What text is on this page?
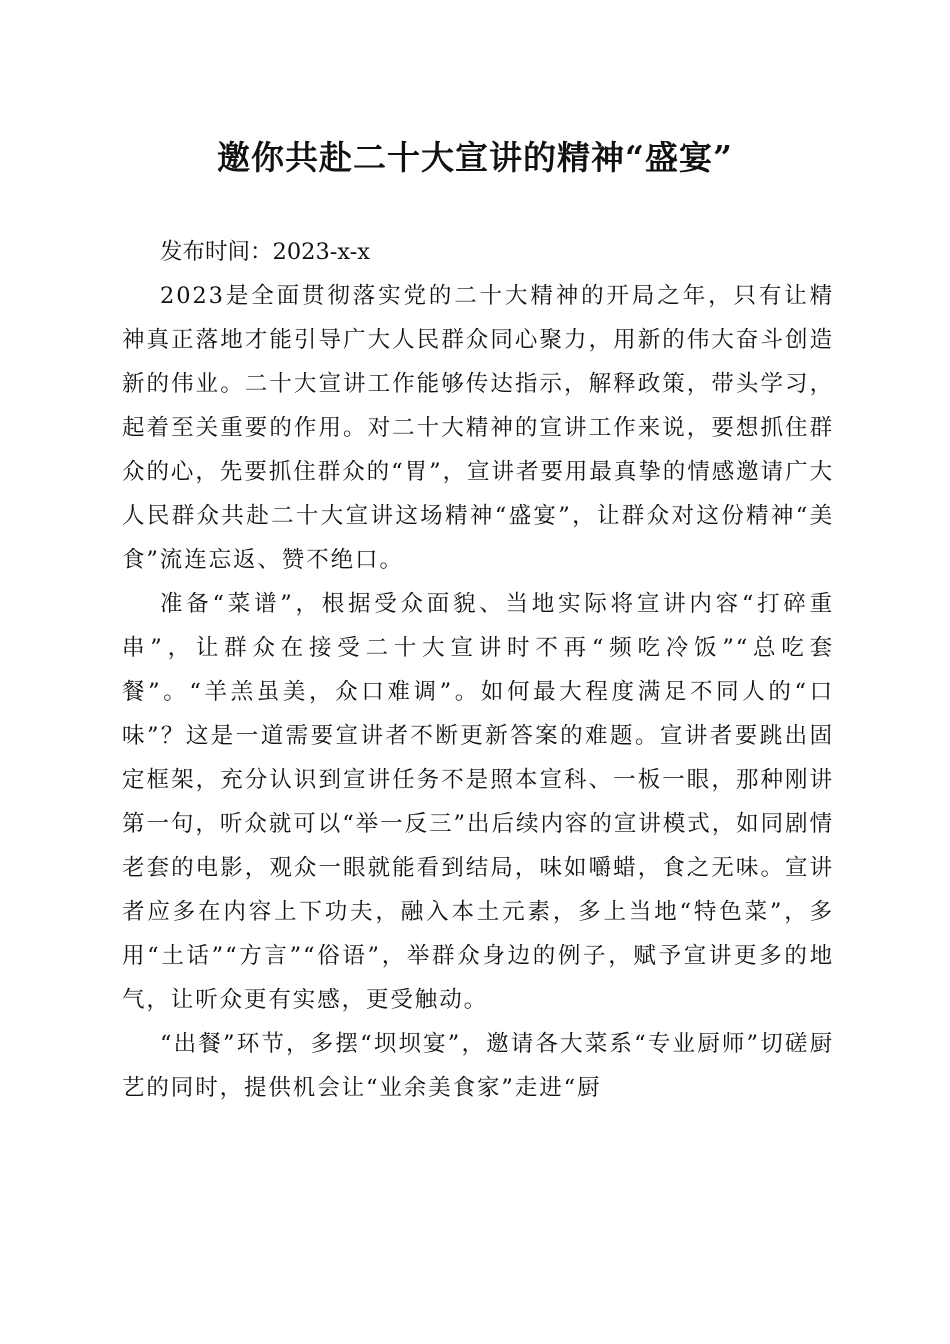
邀你共赴二十大宣讲的精神“盛宴”

发布时间：2023-x-x

2023是全面贯彻落实党的二十大精神的开局之年，只有让精神真正落地才能引导广大人民群众同心聚力，用新的伟大奋斗创造新的伟业。二十大宣讲工作能够传达指示，解释政策，带头学习，起着至关重要的作用。对二十大精神的宣讲工作来说，要想抓住群众的心，先要抓住群众的“胃”，宣讲者要用最真挚的情感邀请广大人民群众共赴二十大宣讲这场精神“盛宴”，让群众对这份精神“美食”流连忘返、赞不绝口。

准备“菜谱”，根据受众面貌、当地实际将宣讲内容“打碎重串”，让群众在接受二十大宣讲时不再“频吃冷饭”“总吃套餐”。“羊羔虽美，众口难调”。如何最大程度满足不同人的“口味”？这是一道需要宣讲者不断更新答案的难题。宣讲者要跳出固定框架，充分认识到宣讲任务不是照本宣科、一板一眼，那种刚讲第一句，听众就可以“举一反三”出后续内容的宣讲模式，如同剧情老套的电影，观众一眼就能看到结局，味如嚼蜡，食之无味。宣讲者应多在内容上下功夫，融入本土元素，多上当地“特色菜”，多用“土话”“方言”“俗语”，举群众身边的例子，赋予宣讲更多的地气，让听众更有实感，更受触动。

“出餐”环节，多摆“坝坝宴”，邀请各大菜系“专业厨师”切磋厨艺的同时，提供机会让“业余美食家”走进“厨
